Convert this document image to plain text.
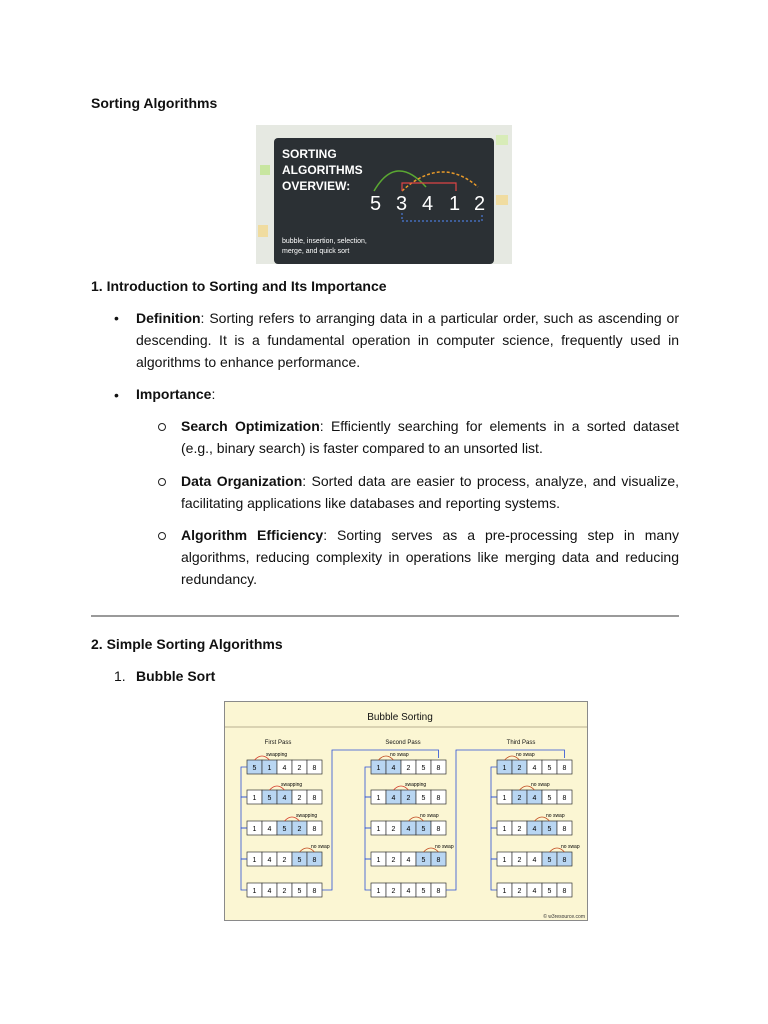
Sorting Algorithms
SORTING
ALGORITHMS
OVERVIEW:
5 3 4 1 2
bubble, insertion, selection,
merge, and quick sort
1. Introduction to Sorting and Its Importance
• Definition: Sorting refers to arranging data in a particular order, such as ascending or descending. It is a fundamental operation in computer science, frequently used in algorithms to enhance performance.
• Importance:
Search Optimization: Efficiently searching for elements in a sorted dataset (e.g., binary search) is faster compared to an unsorted list.
Data Organization: Sorted data are easier to process, analyze, and visualize, facilitating applications like databases and reporting systems.
Algorithm Efficiency: Sorting serves as a pre-processing step in many algorithms, reducing complexity in operations like merging data and reducing redundancy.
2. Simple Sorting Algorithms
1. Bubble Sort
Bubble Sorting
First Pass	Second Pass	Third Pass
5 1 4 2 8
swapping
1 5 4 2 8
swapping
1 4 5 2 8
swapping
1 4 2 5 8
no swap
1 4 2 5 8
1 4 2 5 8
no swap
1 4 2 5 8
swapping
1 2 4 5 8
no swap
1 2 4 5 8
no swap
1 2 4 5 8
1 2 4 5 8
no swap
1 2 4 5 8
no swap
1 2 4 5 8
no swap
1 2 4 5 8
no swap
1 2 4 5 8
© w3resource.com
